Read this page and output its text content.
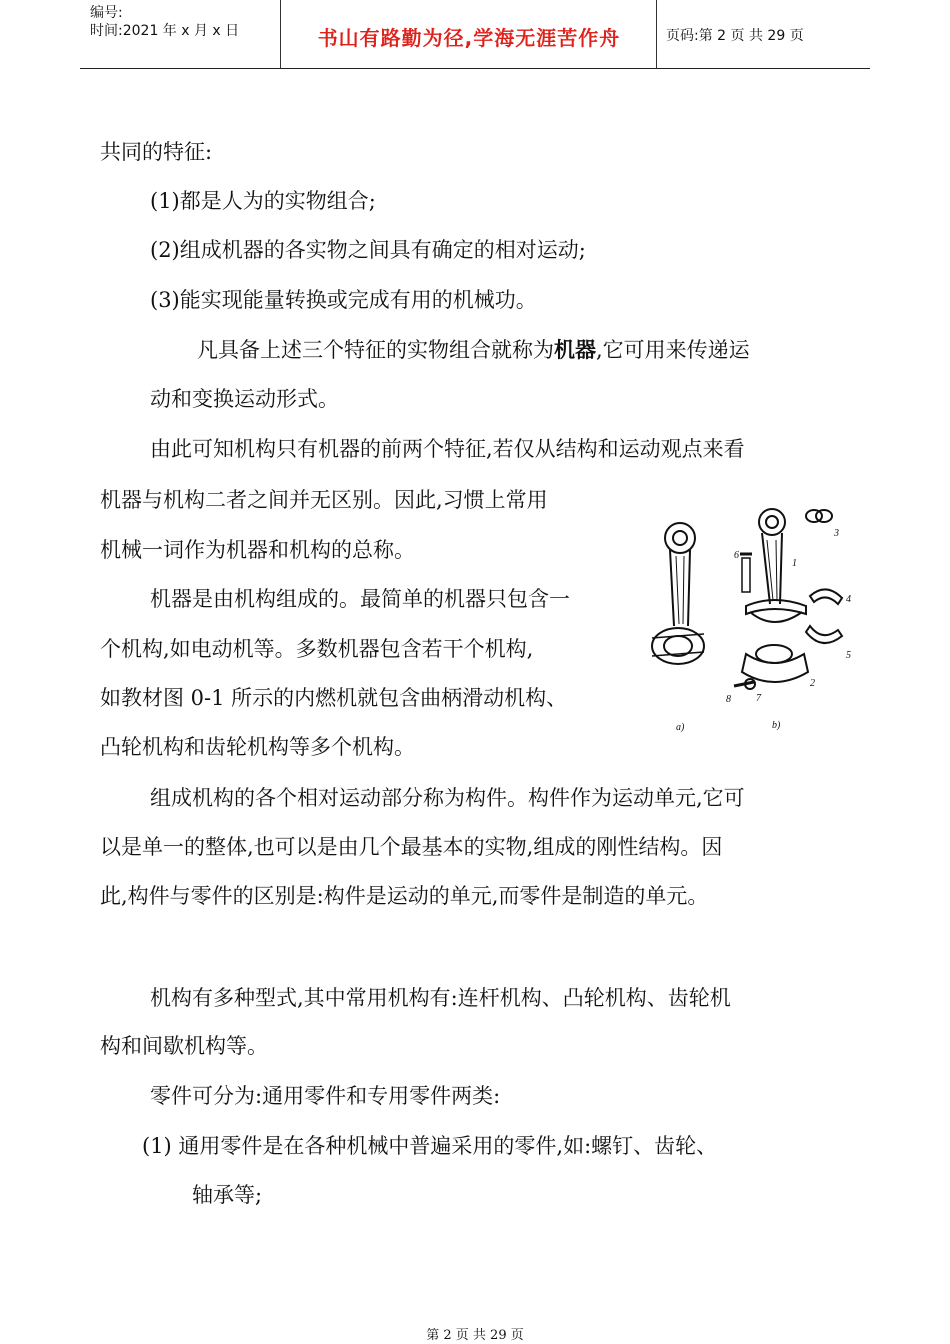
编号:
时间:2021 年 x 月 x 日	书山有路勤为径,学海无涯苦作舟	页码:第 2 页 共 29 页
共同的特征:
(1)都是人为的实物组合;
(2)组成机器的各实物之间具有确定的相对运动;
(3)能实现能量转换或完成有用的机械功。
凡具备上述三个特征的实物组合就称为机器,它可用来传递运
动和变换运动形式。
由此可知机构只有机器的前两个特征,若仅从结构和运动观点来看
机器与机构二者之间并无区别。因此,习惯上常用
机械一词作为机器和机构的总称。
机器是由机构组成的。最简单的机器只包含一
个机构,如电动机等。多数机器包含若干个机构,
如教材图 0-1 所示的内燃机就包含曲柄滑动机构、
凸轮机构和齿轮机构等多个机构。
组成机构的各个相对运动部分称为构件。构件作为运动单元,它可
以是单一的整体,也可以是由几个最基本的实物,组成的刚性结构。因
此,构件与零件的区别是:构件是运动的单元,而零件是制造的单元。
机构有多种型式,其中常用机构有:连杆机构、凸轮机构、齿轮机
构和间歇机构等。
零件可分为:通用零件和专用零件两类:
(1) 通用零件是在各种机械中普遍采用的零件,如:螺钉、齿轮、
轴承等;
1
2
3
4
5
6
7
8
a)	b)
第 2 页 共 29 页
